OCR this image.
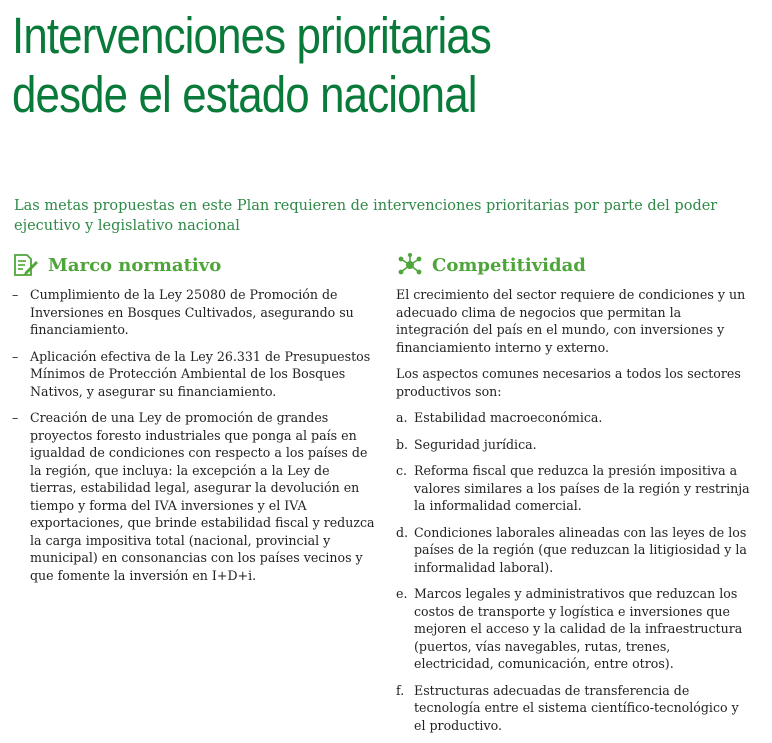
Intervenciones prioritarias
desde el estado nacional

Las metas propuestas en este Plan requieren de intervenciones prioritarias por parte del poder ejecutivo y legislativo nacional

Marco normativo
– Cumplimiento de la Ley 25080 de Promoción de Inversiones en Bosques Cultivados, asegurando su financiamiento.
– Aplicación efectiva de la Ley 26.331 de Presupuestos Mínimos de Protección Ambiental de los Bosques Nativos, y asegurar su financiamiento.
– Creación de una Ley de promoción de grandes proyectos foresto industriales que ponga al país en igualdad de condiciones con respecto a los países de la región, que incluya: la excepción a la Ley de tierras, estabilidad legal, asegurar la devolución en tiempo y forma del IVA inversiones y el IVA exportaciones, que brinde estabilidad fiscal y reduzca la carga impositiva total (nacional, provincial y municipal) en consonancias con los países vecinos y que fomente la inversión en I+D+i.
Competitividad

El crecimiento del sector requiere de condiciones y un adecuado clima de negocios que permitan la integración del país en el mundo, con inversiones y financiamiento interno y externo.

Los aspectos comunes necesarios a todos los sectores productivos son:

a. Estabilidad macroeconómica.
b. Seguridad jurídica.
c. Reforma fiscal que reduzca la presión impositiva a valores similares a los países de la región y restrinja la informalidad comercial.
d. Condiciones laborales alineadas con las leyes de los países de la región (que reduzcan la litigiosidad y la informalidad laboral).
e. Marcos legales y administrativos que reduzcan los costos de transporte y logística e inversiones que mejoren el acceso y la calidad de la infraestructura (puertos, vías navegables, rutas, trenes, electricidad, comunicación, entre otros).
f. Estructuras adecuadas de transferencia de tecnología entre el sistema científico-tecnológico y el productivo.
